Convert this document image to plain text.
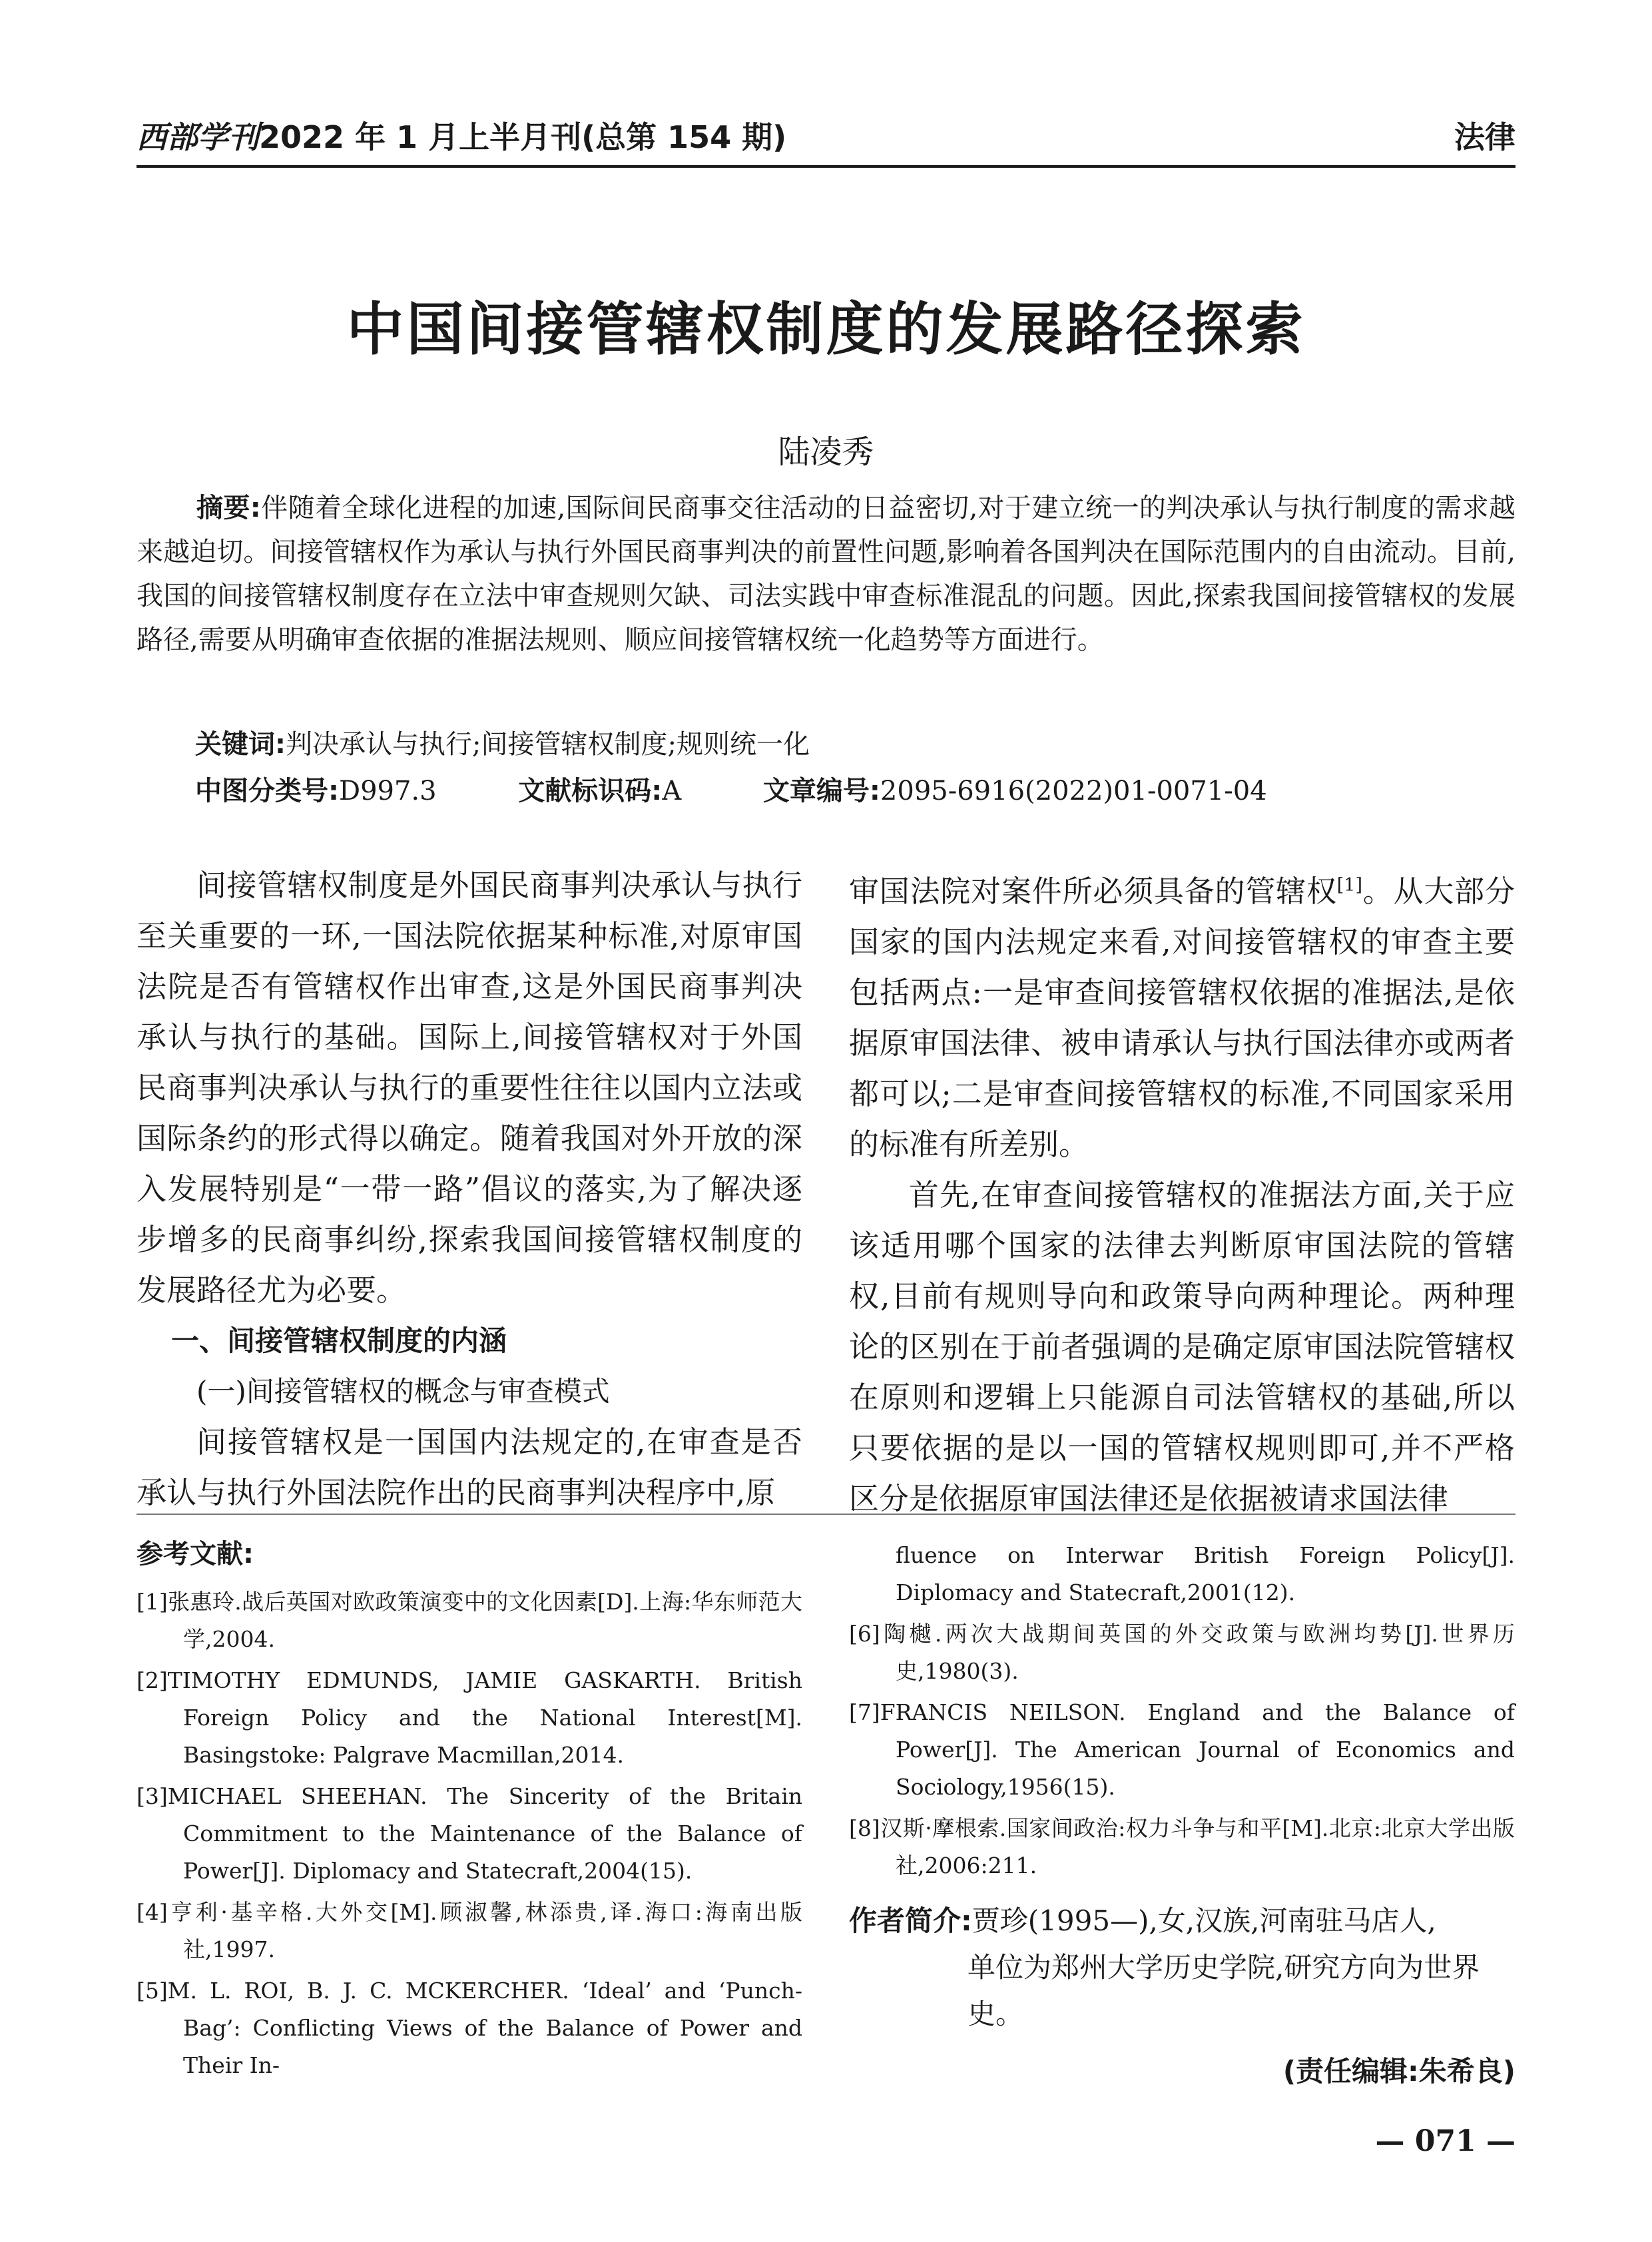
西部学刊2022 年 1 月上半月刊(总第 154 期)	法律
中国间接管辖权制度的发展路径探索
陆凌秀
摘要:伴随着全球化进程的加速,国际间民商事交往活动的日益密切,对于建立统一的判决承认与执行制度的需求越来越迫切。间接管辖权作为承认与执行外国民商事判决的前置性问题,影响着各国判决在国际范围内的自由流动。目前,我国的间接管辖权制度存在立法中审查规则欠缺、司法实践中审查标准混乱的问题。因此,探索我国间接管辖权的发展路径,需要从明确审查依据的准据法规则、顺应间接管辖权统一化趋势等方面进行。
关键词:判决承认与执行;间接管辖权制度;规则统一化
中图分类号:D997.3	文献标识码:A	文章编号:2095-6916(2022)01-0071-04

间接管辖权制度是外国民商事判决承认与执行至关重要的一环,一国法院依据某种标准,对原审国法院是否有管辖权作出审查,这是外国民商事判决承认与执行的基础。国际上,间接管辖权对于外国民商事判决承认与执行的重要性往往以国内立法或国际条约的形式得以确定。随着我国对外开放的深入发展特别是“一带一路”倡议的落实,为了解决逐步增多的民商事纠纷,探索我国间接管辖权制度的发展路径尤为必要。

一、间接管辖权制度的内涵

(一)间接管辖权的概念与审查模式

间接管辖权是一国国内法规定的,在审查是否承认与执行外国法院作出的民商事判决程序中,原

审国法院对案件所必须具备的管辖权[1]。从大部分国家的国内法规定来看,对间接管辖权的审查主要包括两点:一是审查间接管辖权依据的准据法,是依据原审国法律、被申请承认与执行国法律亦或两者都可以;二是审查间接管辖权的标准,不同国家采用的标准有所差别。

首先,在审查间接管辖权的准据法方面,关于应该适用哪个国家的法律去判断原审国法院的管辖权,目前有规则导向和政策导向两种理论。两种理论的区别在于前者强调的是确定原审国法院管辖权在原则和逻辑上只能源自司法管辖权的基础,所以只要依据的是以一国的管辖权规则即可,并不严格区分是依据原审国法律还是依据被请求国法律

参考文献:
[1]张惠玲.战后英国对欧政策演变中的文化因素[D].上海:华东师范大学,2004.
[2]TIMOTHY EDMUNDS, JAMIE GASKARTH. British Foreign Policy and the National Interest[M]. Basingstoke: Palgrave Macmillan,2014.
[3]MICHAEL SHEEHAN. The Sincerity of the Britain Commitment to the Maintenance of the Balance of Power[J]. Diplomacy and Statecraft,2004(15).
[4]亨利·基辛格.大外交[M].顾淑馨,林添贵,译.海口:海南出版社,1997.
[5]M. L. ROI, B. J. C. MCKERCHER. ‘Ideal’ and ‘Punch-Bag’: Conflicting Views of the Balance of Power and Their In-
fluence on Interwar British Foreign Policy[J]. Diplomacy and Statecraft,2001(12).
[6]陶樾.两次大战期间英国的外交政策与欧洲均势[J].世界历史,1980(3).
[7]FRANCIS NEILSON. England and the Balance of Power[J]. The American Journal of Economics and Sociology,1956(15).
[8]汉斯·摩根索.国家间政治:权力斗争与和平[M].北京:北京大学出版社,2006:211.
作者简介:贾珍(1995—),女,汉族,河南驻马店人,
单位为郑州大学历史学院,研究方向为世界史。
(责任编辑:朱希良)
— 071 —
